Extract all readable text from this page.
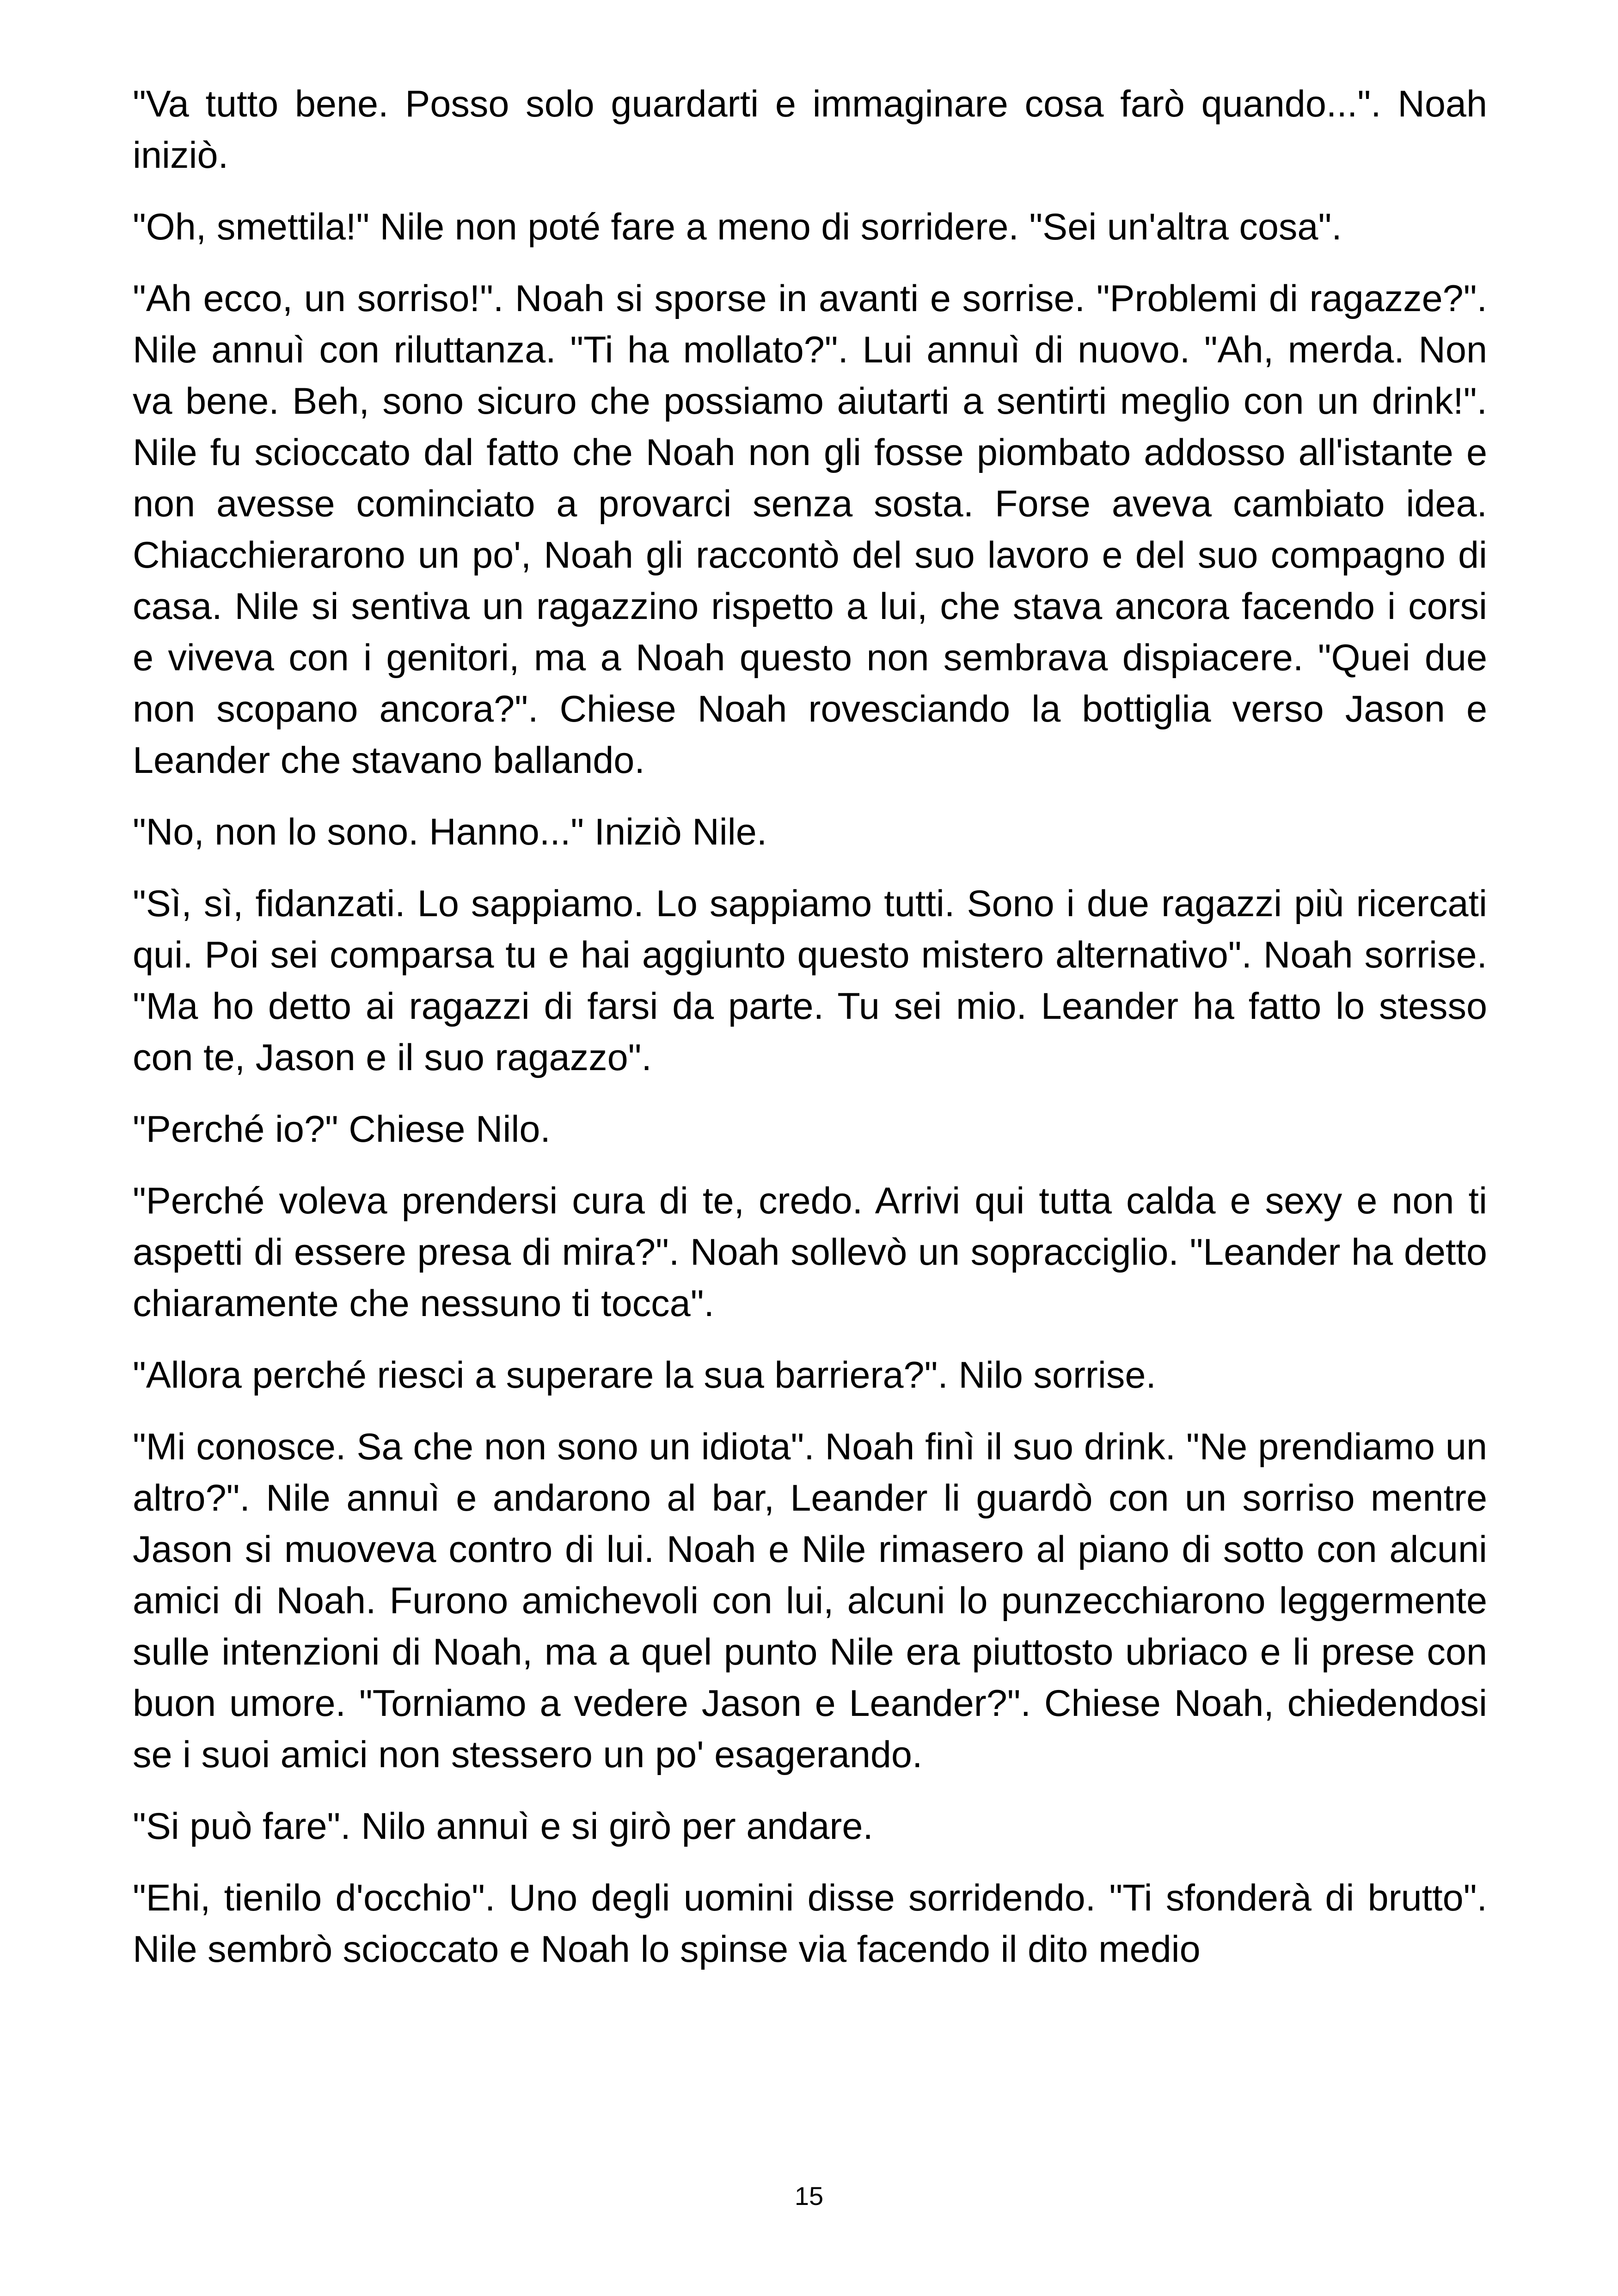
"Va tutto bene. Posso solo guardarti e immaginare cosa farò quando...". Noah iniziò.

"Oh, smettila!" Nile non poté fare a meno di sorridere. "Sei un'altra cosa".

"Ah ecco, un sorriso!". Noah si sporse in avanti e sorrise. "Problemi di ragazze?". Nile annuì con riluttanza. "Ti ha mollato?". Lui annuì di nuovo. "Ah, merda. Non va bene. Beh, sono sicuro che possiamo aiutarti a sentirti meglio con un drink!". Nile fu scioccato dal fatto che Noah non gli fosse piombato addosso all'istante e non avesse cominciato a provarci senza sosta. Forse aveva cambiato idea. Chiacchierarono un po', Noah gli raccontò del suo lavoro e del suo compagno di casa. Nile si sentiva un ragazzino rispetto a lui, che stava ancora facendo i corsi e viveva con i genitori, ma a Noah questo non sembrava dispiacere. "Quei due non scopano ancora?". Chiese Noah rovesciando la bottiglia verso Jason e Leander che stavano ballando.

"No, non lo sono. Hanno..." Iniziò Nile.

"Sì, sì, fidanzati. Lo sappiamo. Lo sappiamo tutti. Sono i due ragazzi più ricercati qui. Poi sei comparsa tu e hai aggiunto questo mistero alternativo". Noah sorrise. "Ma ho detto ai ragazzi di farsi da parte. Tu sei mio. Leander ha fatto lo stesso con te, Jason e il suo ragazzo".

"Perché io?" Chiese Nilo.

"Perché voleva prendersi cura di te, credo. Arrivi qui tutta calda e sexy e non ti aspetti di essere presa di mira?". Noah sollevò un sopracciglio. "Leander ha detto chiaramente che nessuno ti tocca".

"Allora perché riesci a superare la sua barriera?". Nilo sorrise.

"Mi conosce. Sa che non sono un idiota". Noah finì il suo drink. "Ne prendiamo un altro?". Nile annuì e andarono al bar, Leander li guardò con un sorriso mentre Jason si muoveva contro di lui. Noah e Nile rimasero al piano di sotto con alcuni amici di Noah. Furono amichevoli con lui, alcuni lo punzecchiarono leggermente sulle intenzioni di Noah, ma a quel punto Nile era piuttosto ubriaco e li prese con buon umore. "Torniamo a vedere Jason e Leander?". Chiese Noah, chiedendosi se i suoi amici non stessero un po' esagerando.

"Si può fare". Nilo annuì e si girò per andare.

"Ehi, tienilo d'occhio". Uno degli uomini disse sorridendo. "Ti sfonderà di brutto". Nile sembrò scioccato e Noah lo spinse via facendo il dito medio

15
